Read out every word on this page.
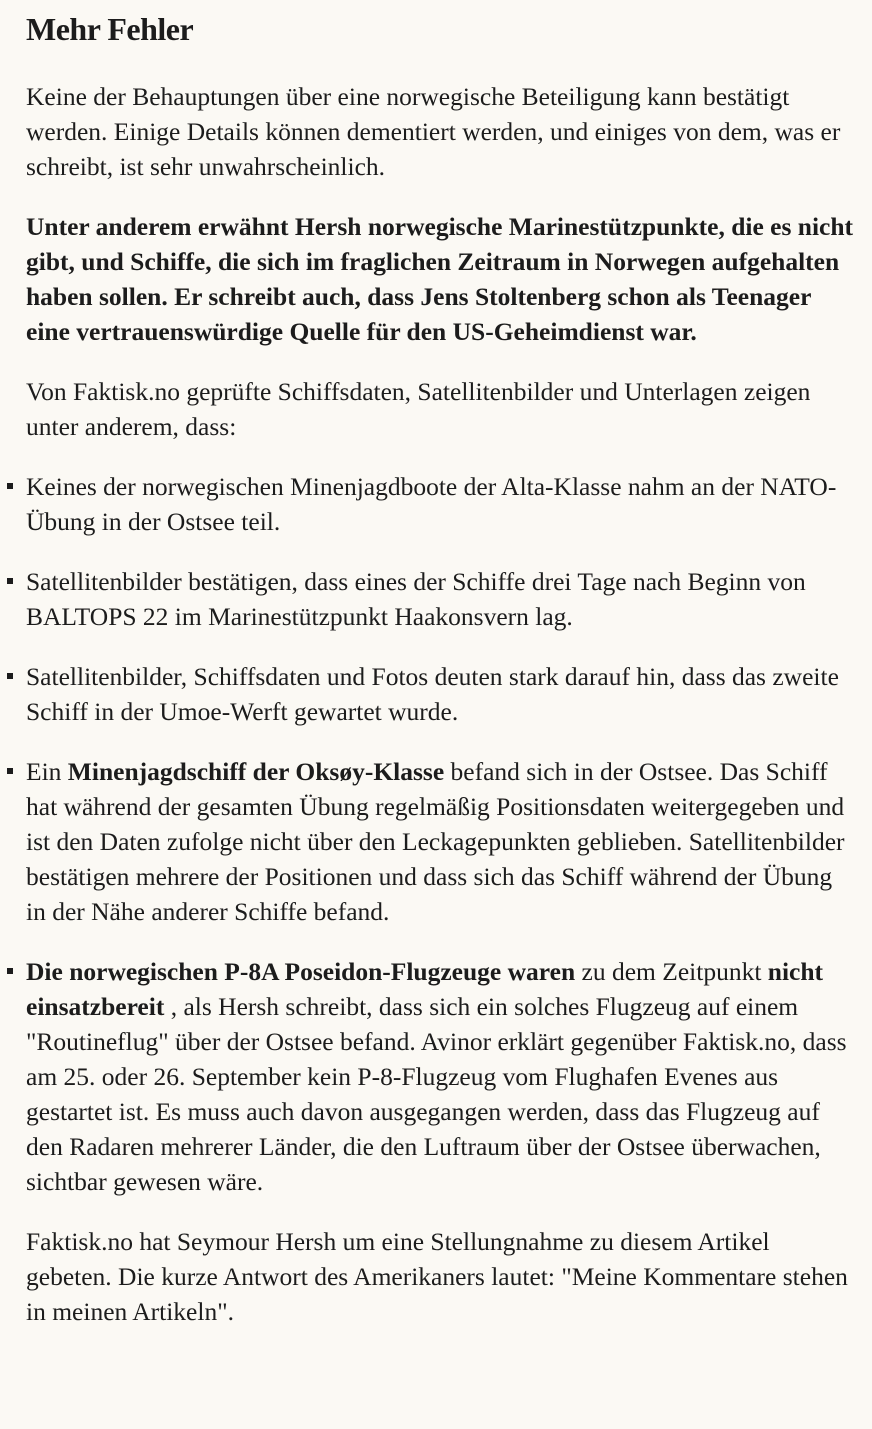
Mehr Fehler

Keine der Behauptungen über eine norwegische Beteiligung kann bestätigt werden. Einige Details können dementiert werden, und einiges von dem, was er schreibt, ist sehr unwahrscheinlich.

Unter anderem erwähnt Hersh norwegische Marinestützpunkte, die es nicht gibt, und Schiffe, die sich im fraglichen Zeitraum in Norwegen aufgehalten haben sollen. Er schreibt auch, dass Jens Stoltenberg schon als Teenager eine vertrauenswürdige Quelle für den US-Geheimdienst war.

Von Faktisk.no geprüfte Schiffsdaten, Satellitenbilder und Unterlagen zeigen unter anderem, dass:

Keines der norwegischen Minenjagdboote der Alta-Klasse nahm an der NATO-Übung in der Ostsee teil.
Satellitenbilder bestätigen, dass eines der Schiffe drei Tage nach Beginn von BALTOPS 22 im Marinestützpunkt Haakonsvern lag.
Satellitenbilder, Schiffsdaten und Fotos deuten stark darauf hin, dass das zweite Schiff in der Umoe-Werft gewartet wurde.
Ein Minenjagdschiff der Oksøy-Klasse befand sich in der Ostsee. Das Schiff hat während der gesamten Übung regelmäßig Positionsdaten weitergegeben und ist den Daten zufolge nicht über den Leckagepunkten geblieben. Satellitenbilder bestätigen mehrere der Positionen und dass sich das Schiff während der Übung in der Nähe anderer Schiffe befand.
Die norwegischen P-8A Poseidon-Flugzeuge waren zu dem Zeitpunkt nicht einsatzbereit , als Hersh schreibt, dass sich ein solches Flugzeug auf einem "Routineflug" über der Ostsee befand. Avinor erklärt gegenüber Faktisk.no, dass am 25. oder 26. September kein P-8-Flugzeug vom Flughafen Evenes aus gestartet ist. Es muss auch davon ausgegangen werden, dass das Flugzeug auf den Radaren mehrerer Länder, die den Luftraum über der Ostsee überwachen, sichtbar gewesen wäre.

Faktisk.no hat Seymour Hersh um eine Stellungnahme zu diesem Artikel gebeten. Die kurze Antwort des Amerikaners lautet: "Meine Kommentare stehen in meinen Artikeln".
